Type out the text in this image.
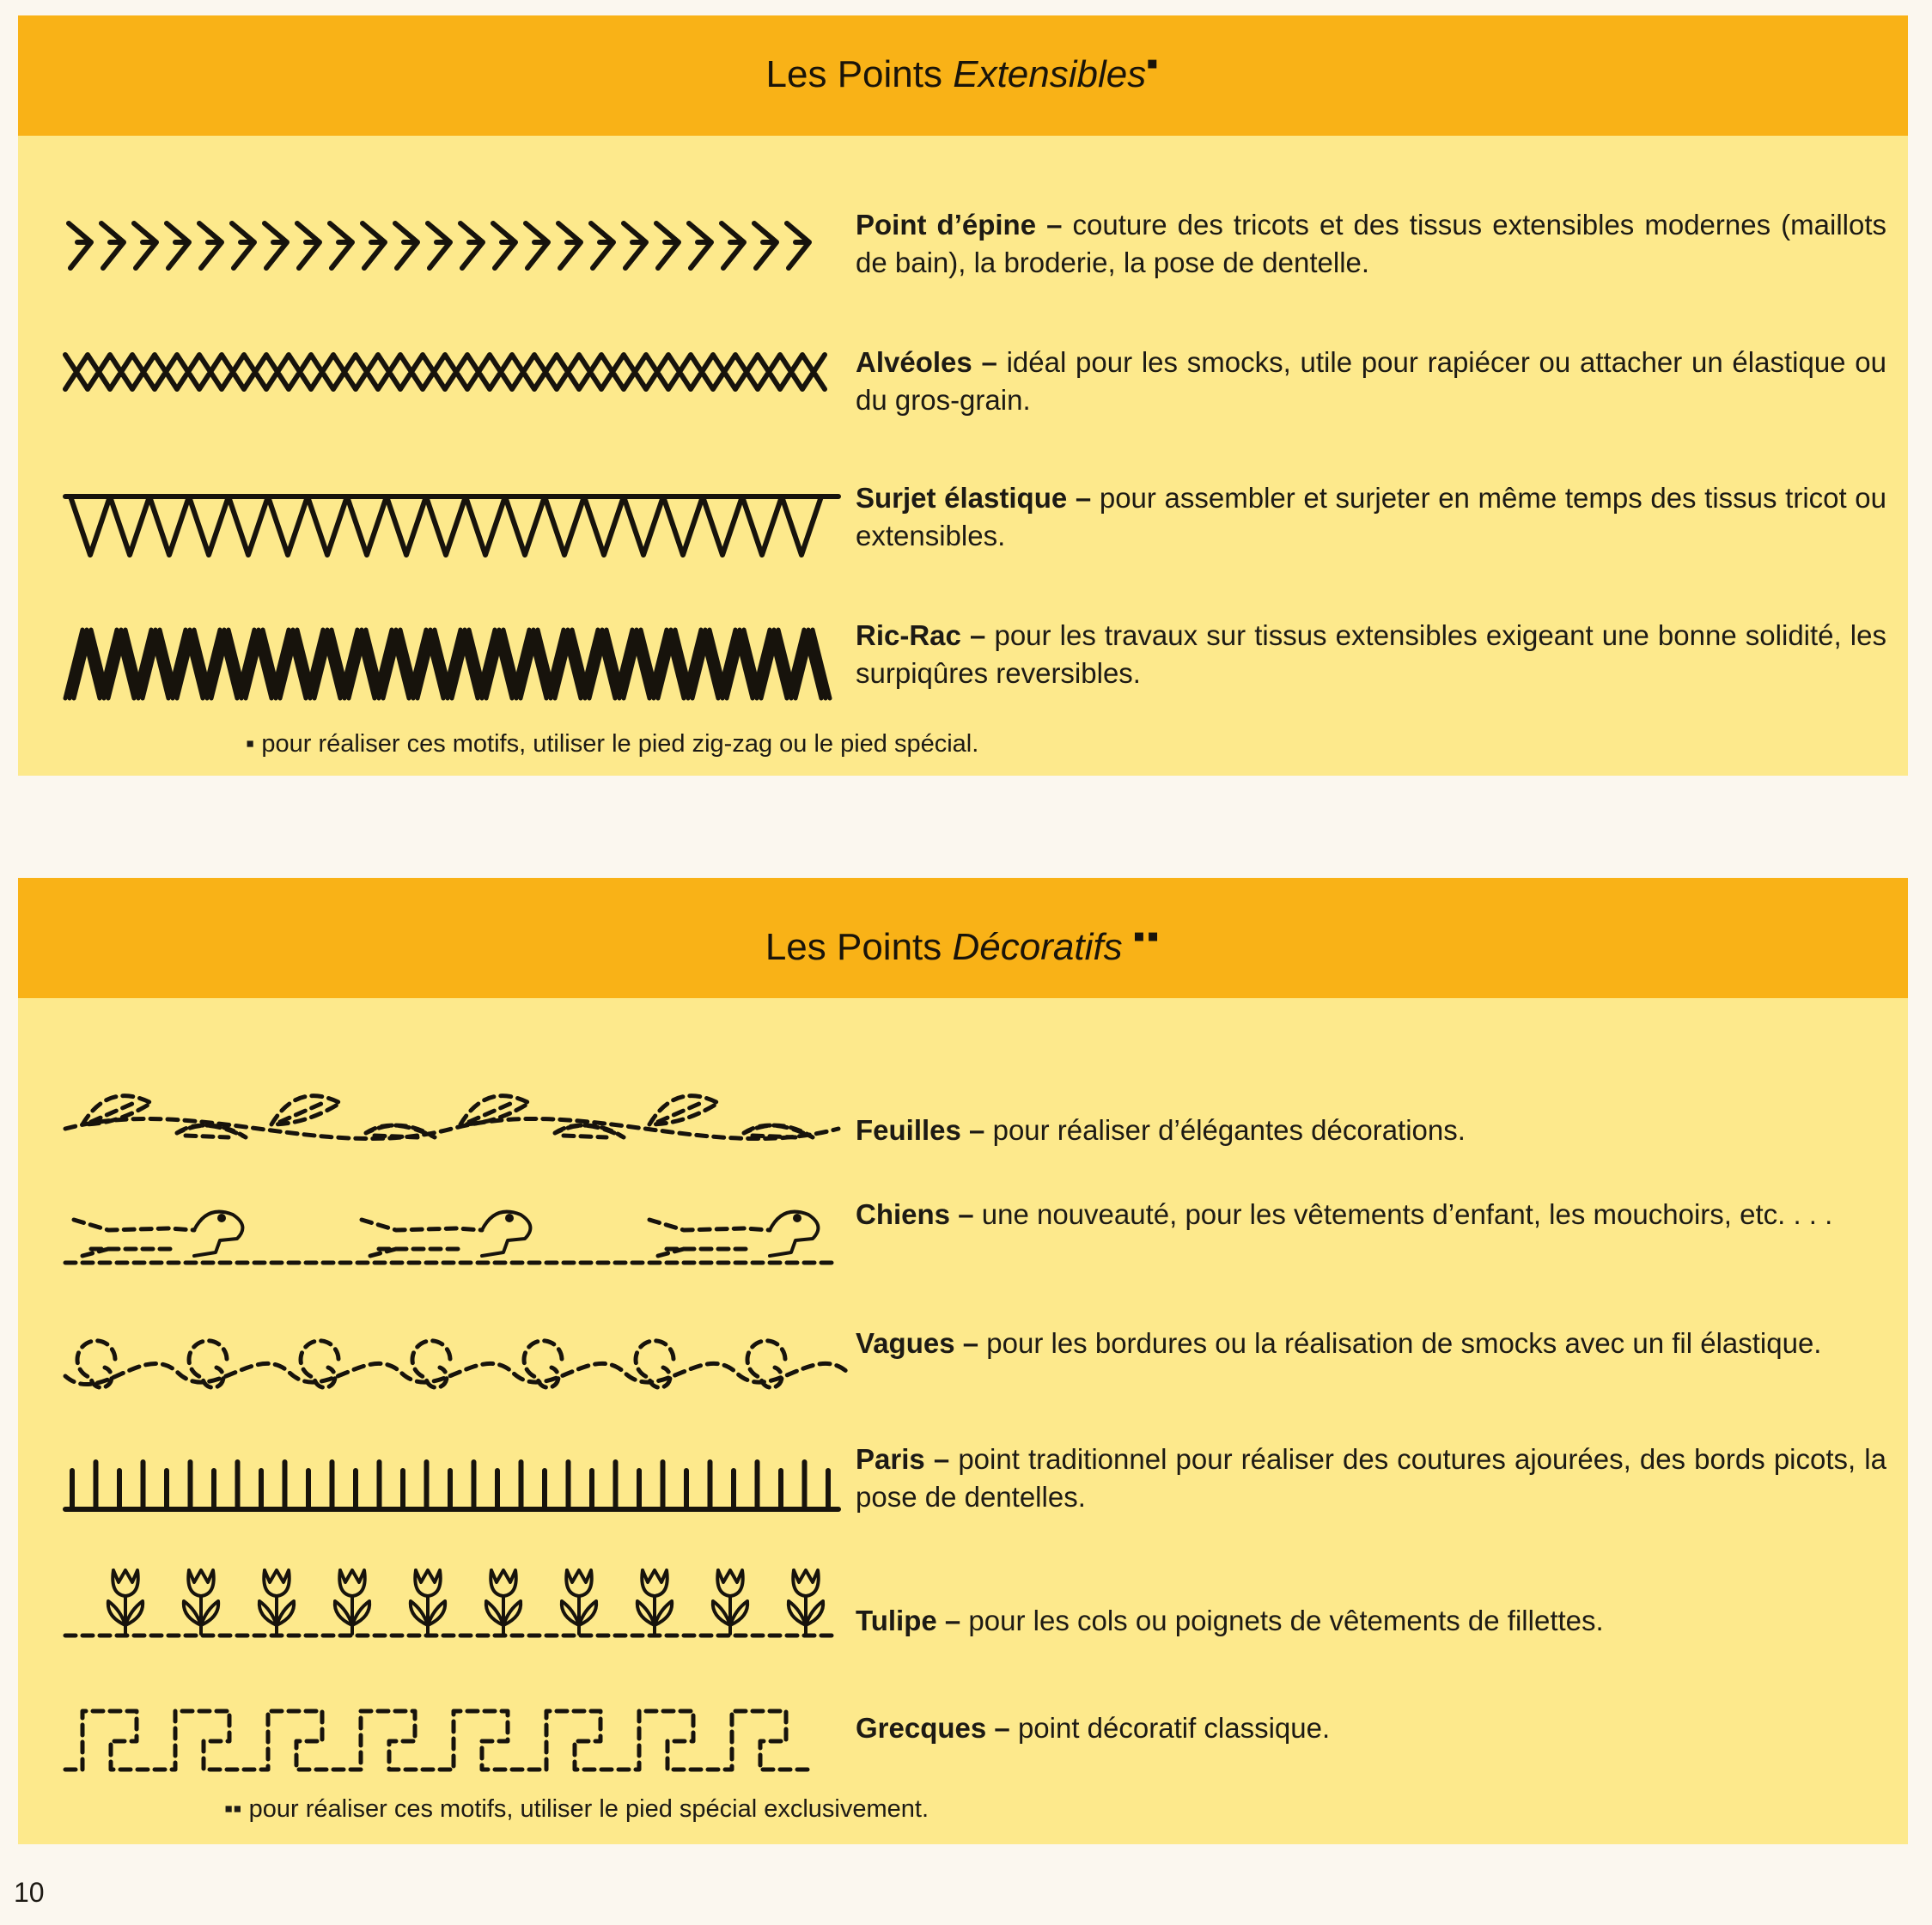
Les Points Extensibles▪
Point d’épine – couture des tricots et des tissus extensibles modernes (maillots de bain), la broderie, la pose de dentelle.
Alvéoles – idéal pour les smocks, utile pour rapiécer ou attacher un élastique ou du gros-grain.
Surjet élastique – pour assembler et surjeter en même temps des tissus tricot ou extensibles.
Ric-Rac – pour les travaux sur tissus extensibles exigeant une bonne solidité, les surpiqûres reversibles.
▪ pour réaliser ces motifs, utiliser le pied zig-zag ou le pied spécial.
Les Points Décoratifs ▪▪
Feuilles – pour réaliser d’élégantes décorations.
Chiens – une nouveauté, pour les vêtements d’enfant, les mouchoirs, etc. . . .
Vagues – pour les bordures ou la réalisation de smocks avec un fil élastique.
Paris – point traditionnel pour réaliser des coutures ajourées, des bords picots, la pose de dentelles.
Tulipe – pour les cols ou poignets de vêtements de fillettes.
Grecques – point décoratif classique.
▪▪ pour réaliser ces motifs, utiliser le pied spécial exclusivement.
10
